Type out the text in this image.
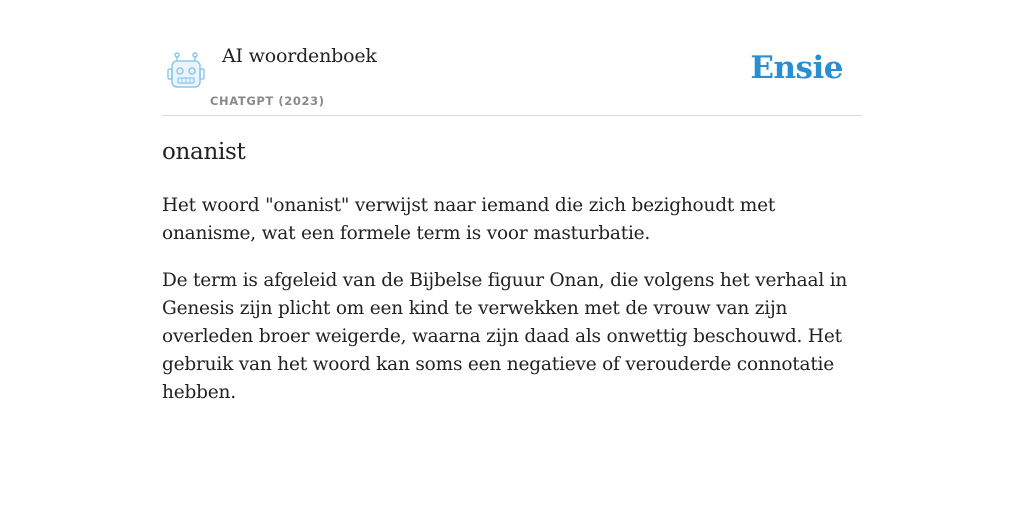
AI woordenboek
CHATGPT (2023)
Ensie
onanist

Het woord "onanist" verwijst naar iemand die zich bezighoudt met onanisme, wat een formele term is voor masturbatie.

De term is afgeleid van de Bijbelse figuur Onan, die volgens het verhaal in Genesis zijn plicht om een kind te verwekken met de vrouw van zijn overleden broer weigerde, waarna zijn daad als onwettig beschouwd. Het gebruik van het woord kan soms een negatieve of verouderde connotatie hebben.
